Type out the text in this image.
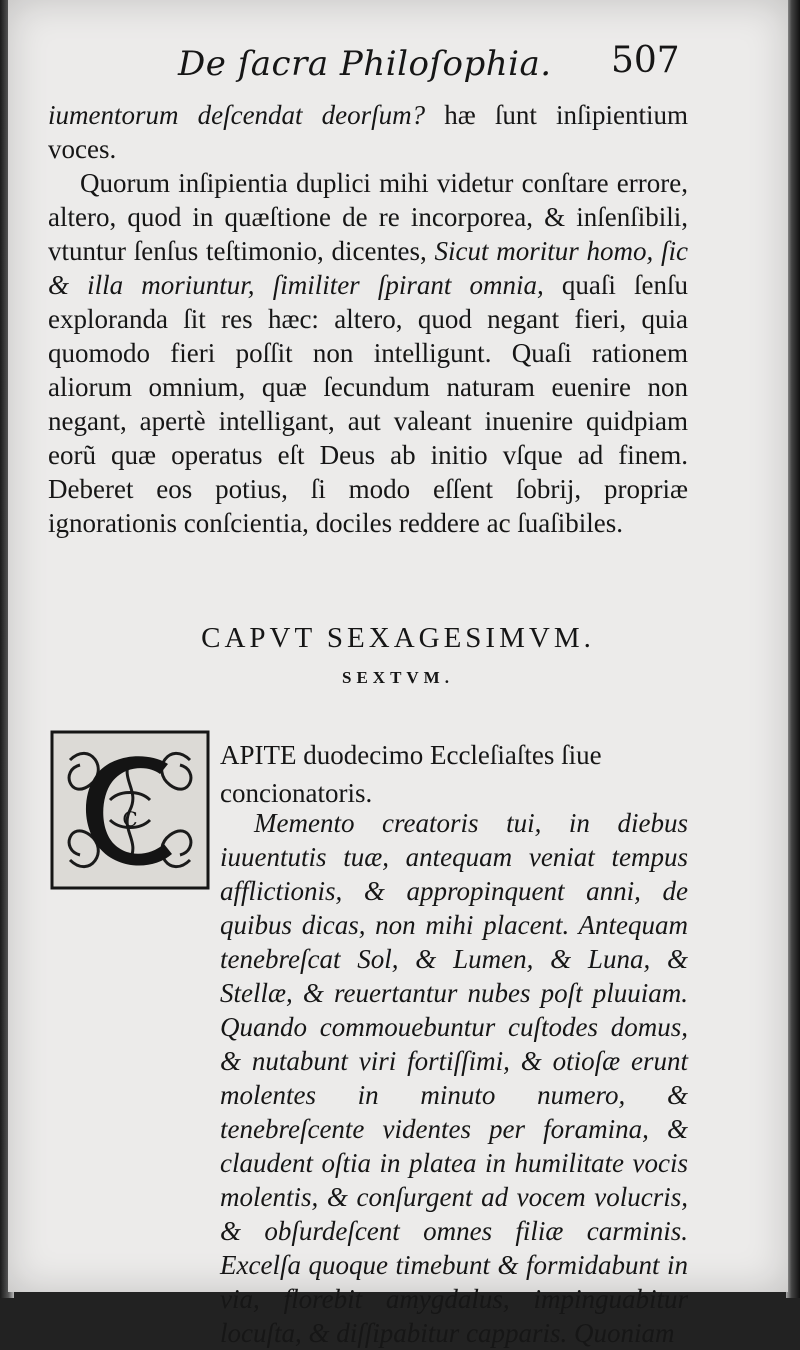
De ſacra Philoſophia. 507

iumentorum deſcendat deorſum? hæ ſunt inſipientium voces.

Quorum inſipientia duplici mihi videtur conſtare errore, altero, quod in quæſtione de re incorporea, & inſenſibili, vtuntur ſenſus teſtimonio, dicentes, Sicut moritur homo, ſic & illa moriuntur, ſimiliter ſpirant omnia, quaſi ſenſu exploranda ſit res hæc: altero, quod negant fieri, quia quomodo fieri poſſit non intelligunt. Quaſi rationem aliorum omnium, quæ ſecundum naturam euenire non negant, apertè intelligant, aut valeant inuenire quidpiam eorũ quæ operatus eſt Deus ab initio vſque ad finem. Deberet eos potius, ſi modo eſſent ſobrij, propriæ ignorationis conſcientia, dociles reddere ac ſuaſibiles.

CAPVT SEXAGESIMVM.
SEXTVM.
C
APITE duodecimo Eccleſiaſtes ſiue concionatoris.

Memento creatoris tui, in diebus iuuentutis tuæ, antequam veniat tempus afflictionis, & appropinquent anni, de quibus dicas, non mihi placent. Antequam tenebreſcat Sol, & Lumen, & Luna, & Stellæ, & reuertantur nubes poſt pluuiam. Quando commouebuntur cuſtodes domus, & nutabunt viri fortiſſimi, & otioſæ erunt molentes in minuto numero, & tenebreſcente videntes per foramina, & claudent oſtia in platea in humilitate vocis molentis, & conſurgent ad vocem volucris, & obſurdeſcent omnes filiæ carminis. Excelſa quoque timebunt & formidabunt in via, florebit amygdalus, impinguabitur locuſta, & diſſipabitur capparis. Quoniam
